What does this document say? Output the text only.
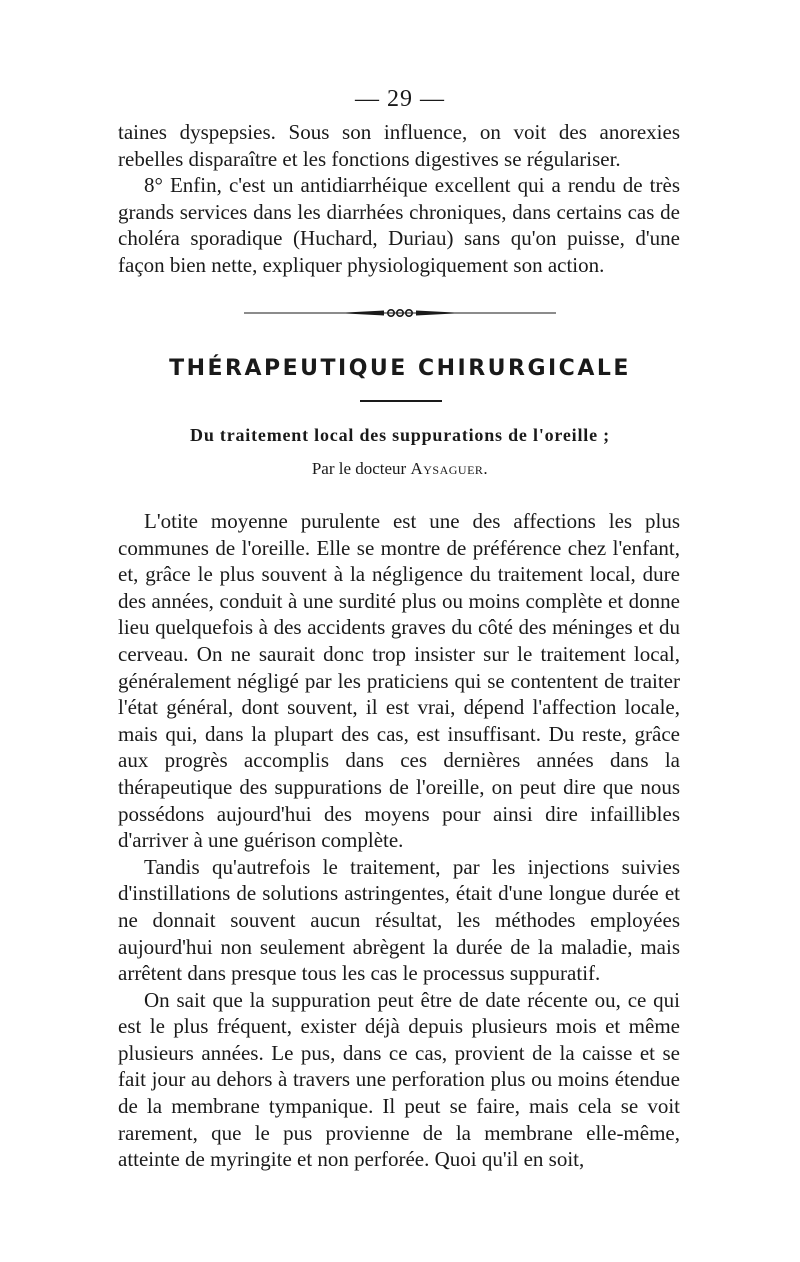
— 29 —

taines dyspepsies. Sous son influence, on voit des anorexies rebelles disparaître et les fonctions digestives se régulariser.

8° Enfin, c'est un antidiarrhéique excellent qui a rendu de très grands services dans les diarrhées chroniques, dans certains cas de choléra sporadique (Huchard, Duriau) sans qu'on puisse, d'une façon bien nette, expliquer physiologiquement son action.

THÉRAPEUTIQUE CHIRURGICALE
Du traitement local des suppurations de l'oreille ;
Par le docteur Aysaguer.

L'otite moyenne purulente est une des affections les plus communes de l'oreille. Elle se montre de préférence chez l'enfant, et, grâce le plus souvent à la négligence du traitement local, dure des années, conduit à une surdité plus ou moins complète et donne lieu quelquefois à des accidents graves du côté des méninges et du cerveau. On ne saurait donc trop insister sur le traitement local, généralement négligé par les praticiens qui se contentent de traiter l'état général, dont souvent, il est vrai, dépend l'affection locale, mais qui, dans la plupart des cas, est insuffisant. Du reste, grâce aux progrès accomplis dans ces dernières années dans la thérapeutique des suppurations de l'oreille, on peut dire que nous possédons aujourd'hui des moyens pour ainsi dire infaillibles d'arriver à une guérison complète.

Tandis qu'autrefois le traitement, par les injections suivies d'instillations de solutions astringentes, était d'une longue durée et ne donnait souvent aucun résultat, les méthodes employées aujourd'hui non seulement abrègent la durée de la maladie, mais arrêtent dans presque tous les cas le processus suppuratif.

On sait que la suppuration peut être de date récente ou, ce qui est le plus fréquent, exister déjà depuis plusieurs mois et même plusieurs années. Le pus, dans ce cas, provient de la caisse et se fait jour au dehors à travers une perforation plus ou moins étendue de la membrane tympanique. Il peut se faire, mais cela se voit rarement, que le pus provienne de la membrane elle-même, atteinte de myringite et non perforée. Quoi qu'il en soit,
